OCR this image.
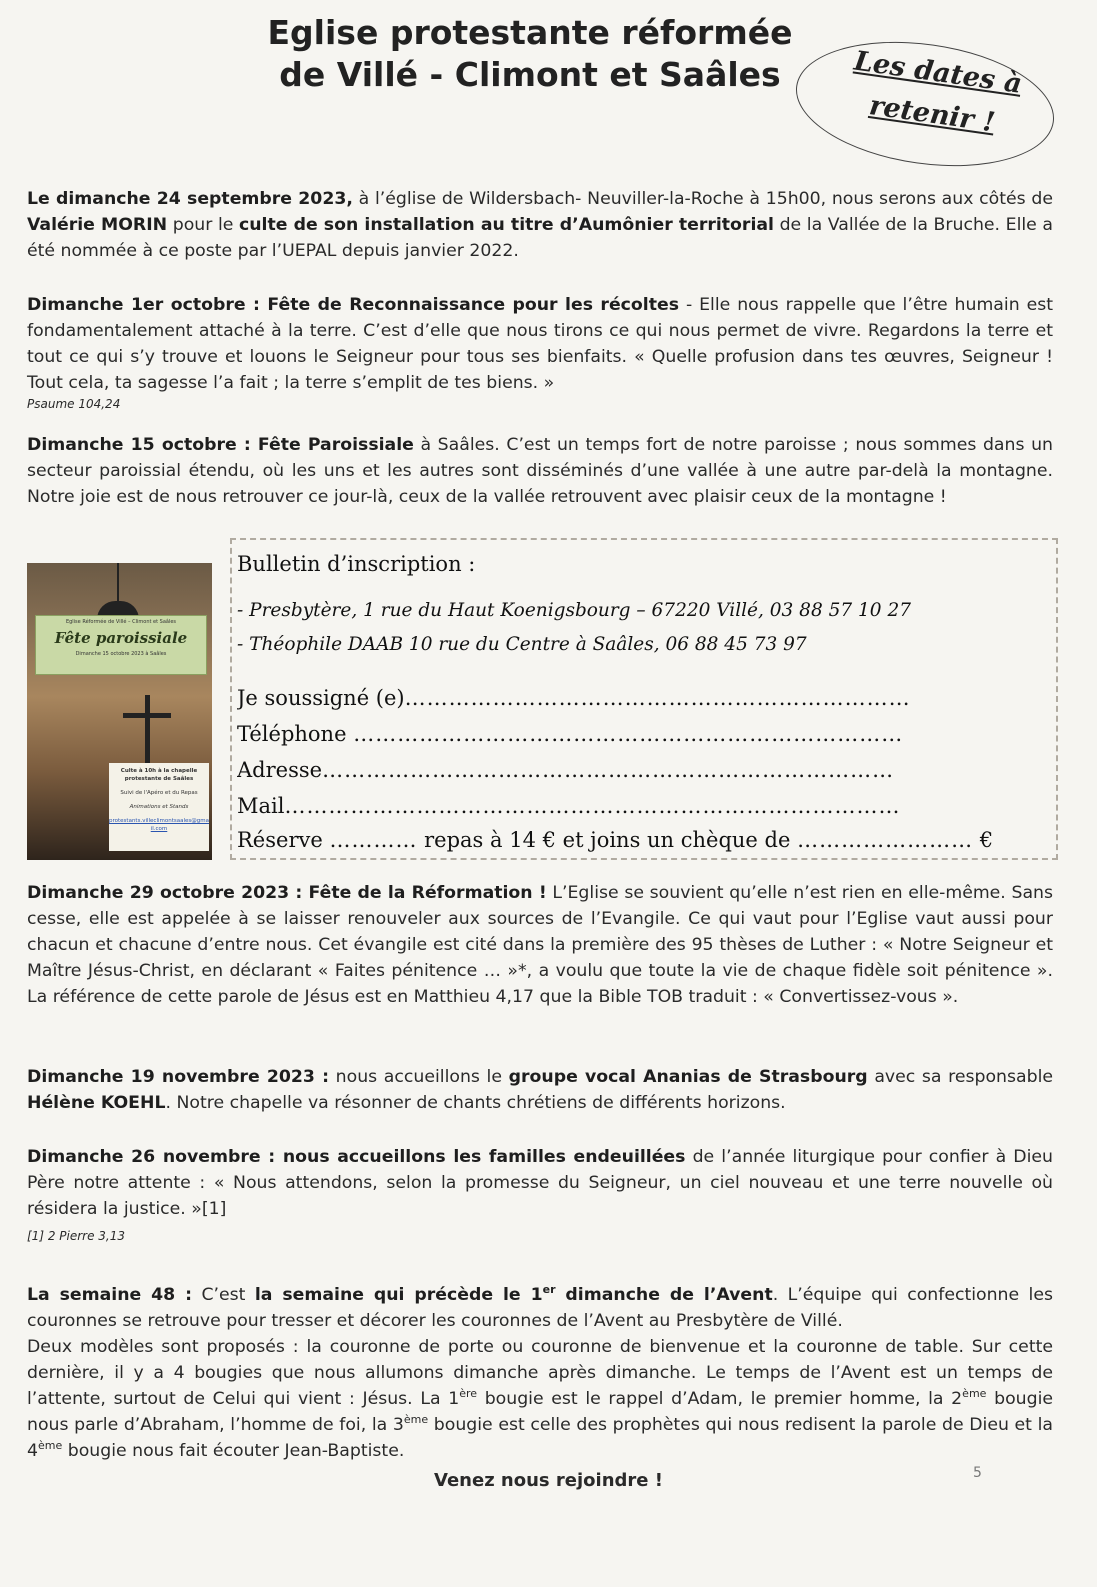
Eglise protestante réformée
de Villé - Climont et Saâles	Les dates à
retenir !

Le dimanche 24 septembre 2023, à l’église de Wildersbach- Neuviller-la-Roche à 15h00, nous serons aux côtés de Valérie MORIN pour le culte de son installation au titre d’Aumônier territorial de la Vallée de la Bruche. Elle a été nommée à ce poste par l’UEPAL depuis janvier 2022.

Dimanche 1er octobre : Fête de Reconnaissance pour les récoltes - Elle nous rappelle que l’être humain est fondamentalement attaché à la terre. C’est d’elle que nous tirons ce qui nous permet de vivre. Regardons la terre et tout ce qui s’y trouve et louons le Seigneur pour tous ses bienfaits. « Quelle profusion dans tes œuvres, Seigneur ! Tout cela, ta sagesse l’a fait ; la terre s’emplit de tes biens. »
Psaume 104,24

Dimanche 15 octobre : Fête Paroissiale à Saâles. C’est un temps fort de notre paroisse ; nous sommes dans un secteur paroissial étendu, où les uns et les autres sont disséminés d’une vallée à une autre par-delà la montagne. Notre joie est de nous retrouver ce jour-là, ceux de la vallée retrouvent avec plaisir ceux de la montagne !

Eglise Réformée de Villé – Climont et Saâles
Fête paroissiale
Dimanche 15 octobre 2023 à Saâles
Culte à 10h à la chapelle protestante de Saâles
Suivi de l'Apéro et du Repas
Animations et Stands
protestants.villeclimontsaales@gmail.com
Bulletin d’inscription :
- Presbytère, 1 rue du Haut Koenigsbourg – 67220 Villé, 03 88 57 10 27
- Théophile DAAB 10 rue du Centre à Saâles, 06 88 45 73 97
Je soussigné (e)……………………………………………………………
Téléphone …………………………………………………………………
Adresse……………………………………………………………………
Mail…………………………………………………………………………
Réserve ………… repas à 14 € et joins un chèque de …………………… €

Dimanche 29 octobre 2023 : Fête de la Réformation ! L’Eglise se souvient qu’elle n’est rien en elle-même. Sans cesse, elle est appelée à se laisser renouveler aux sources de l’Evangile. Ce qui vaut pour l’Eglise vaut aussi pour chacun et chacune d’entre nous. Cet évangile est cité dans la première des 95 thèses de Luther : « Notre Seigneur et Maître Jésus-Christ, en déclarant « Faites pénitence … »*, a voulu que toute la vie de chaque fidèle soit pénitence ». La référence de cette parole de Jésus est en Matthieu 4,17 que la Bible TOB traduit : « Convertissez-vous ».

Dimanche 19 novembre 2023 : nous accueillons le groupe vocal Ananias de Strasbourg avec sa responsable Hélène KOEHL. Notre chapelle va résonner de chants chrétiens de différents horizons.

Dimanche 26 novembre : nous accueillons les familles endeuillées de l’année liturgique pour confier à Dieu Père notre attente : « Nous attendons, selon la promesse du Seigneur, un ciel nouveau et une terre nouvelle où résidera la justice. »[1]
[1] 2 Pierre 3,13

La semaine 48 : C’est la semaine qui précède le 1er dimanche de l’Avent. L’équipe qui confectionne les couronnes se retrouve pour tresser et décorer les couronnes de l’Avent au Presbytère de Villé.
Deux modèles sont proposés : la couronne de porte ou couronne de bienvenue et la couronne de table. Sur cette dernière, il y a 4 bougies que nous allumons dimanche après dimanche. Le temps de l’Avent est un temps de l’attente, surtout de Celui qui vient : Jésus. La 1ère bougie est le rappel d’Adam, le premier homme, la 2ème bougie nous parle d’Abraham, l’homme de foi, la 3ème bougie est celle des prophètes qui nous redisent la parole de Dieu et la 4ème bougie nous fait écouter Jean-Baptiste.

Venez nous rejoindre !	5
